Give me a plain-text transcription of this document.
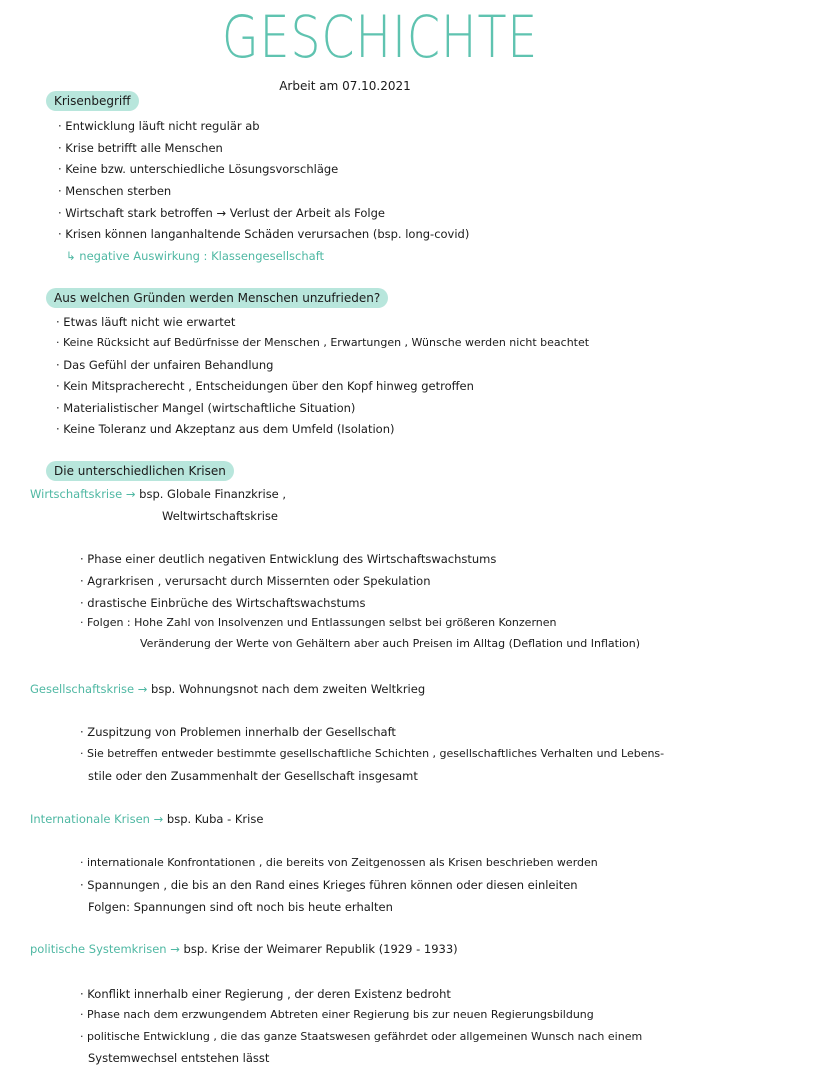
GESCHICHTE
Arbeit am 07.10.2021
Krisenbegriff
· Entwicklung läuft nicht regulär ab
· Krise betrifft alle Menschen
· Keine bzw. unterschiedliche Lösungsvorschläge
· Menschen sterben
· Wirtschaft stark betroffen → Verlust der Arbeit als Folge
· Krisen können langanhaltende Schäden verursachen (bsp. long-covid)
↳ negative Auswirkung : Klassengesellschaft
Aus welchen Gründen werden Menschen unzufrieden?
· Etwas läuft nicht wie erwartet
· Keine Rücksicht auf Bedürfnisse der Menschen , Erwartungen , Wünsche werden nicht beachtet
· Das Gefühl der unfairen Behandlung
· Kein Mitspracherecht , Entscheidungen über den Kopf hinweg getroffen
· Materialistischer Mangel (wirtschaftliche Situation)
· Keine Toleranz und Akzeptanz aus dem Umfeld (Isolation)
Die unterschiedlichen Krisen
Wirtschaftskrise → bsp. Globale Finanzkrise ,
Weltwirtschaftskrise
· Phase einer deutlich negativen Entwicklung des Wirtschaftswachstums
· Agrarkrisen , verursacht durch Missernten oder Spekulation
· drastische Einbrüche des Wirtschaftswachstums
· Folgen : Hohe Zahl von Insolvenzen und Entlassungen selbst bei größeren Konzernen
Veränderung der Werte von Gehältern aber auch Preisen im Alltag (Deflation und Inflation)
Gesellschaftskrise → bsp. Wohnungsnot nach dem zweiten Weltkrieg
· Zuspitzung von Problemen innerhalb der Gesellschaft
· Sie betreffen entweder bestimmte gesellschaftliche Schichten , gesellschaftliches Verhalten und Lebens-
stile oder den Zusammenhalt der Gesellschaft insgesamt
Internationale Krisen → bsp. Kuba - Krise
· internationale Konfrontationen , die bereits von Zeitgenossen als Krisen beschrieben werden
· Spannungen , die bis an den Rand eines Krieges führen können oder diesen einleiten
Folgen: Spannungen sind oft noch bis heute erhalten
politische Systemkrisen → bsp. Krise der Weimarer Republik (1929 - 1933)
· Konflikt innerhalb einer Regierung , der deren Existenz bedroht
· Phase nach dem erzwungendem Abtreten einer Regierung bis zur neuen Regierungsbildung
· politische Entwicklung , die das ganze Staatswesen gefährdet oder allgemeinen Wunsch nach einem
Systemwechsel entstehen lässt
